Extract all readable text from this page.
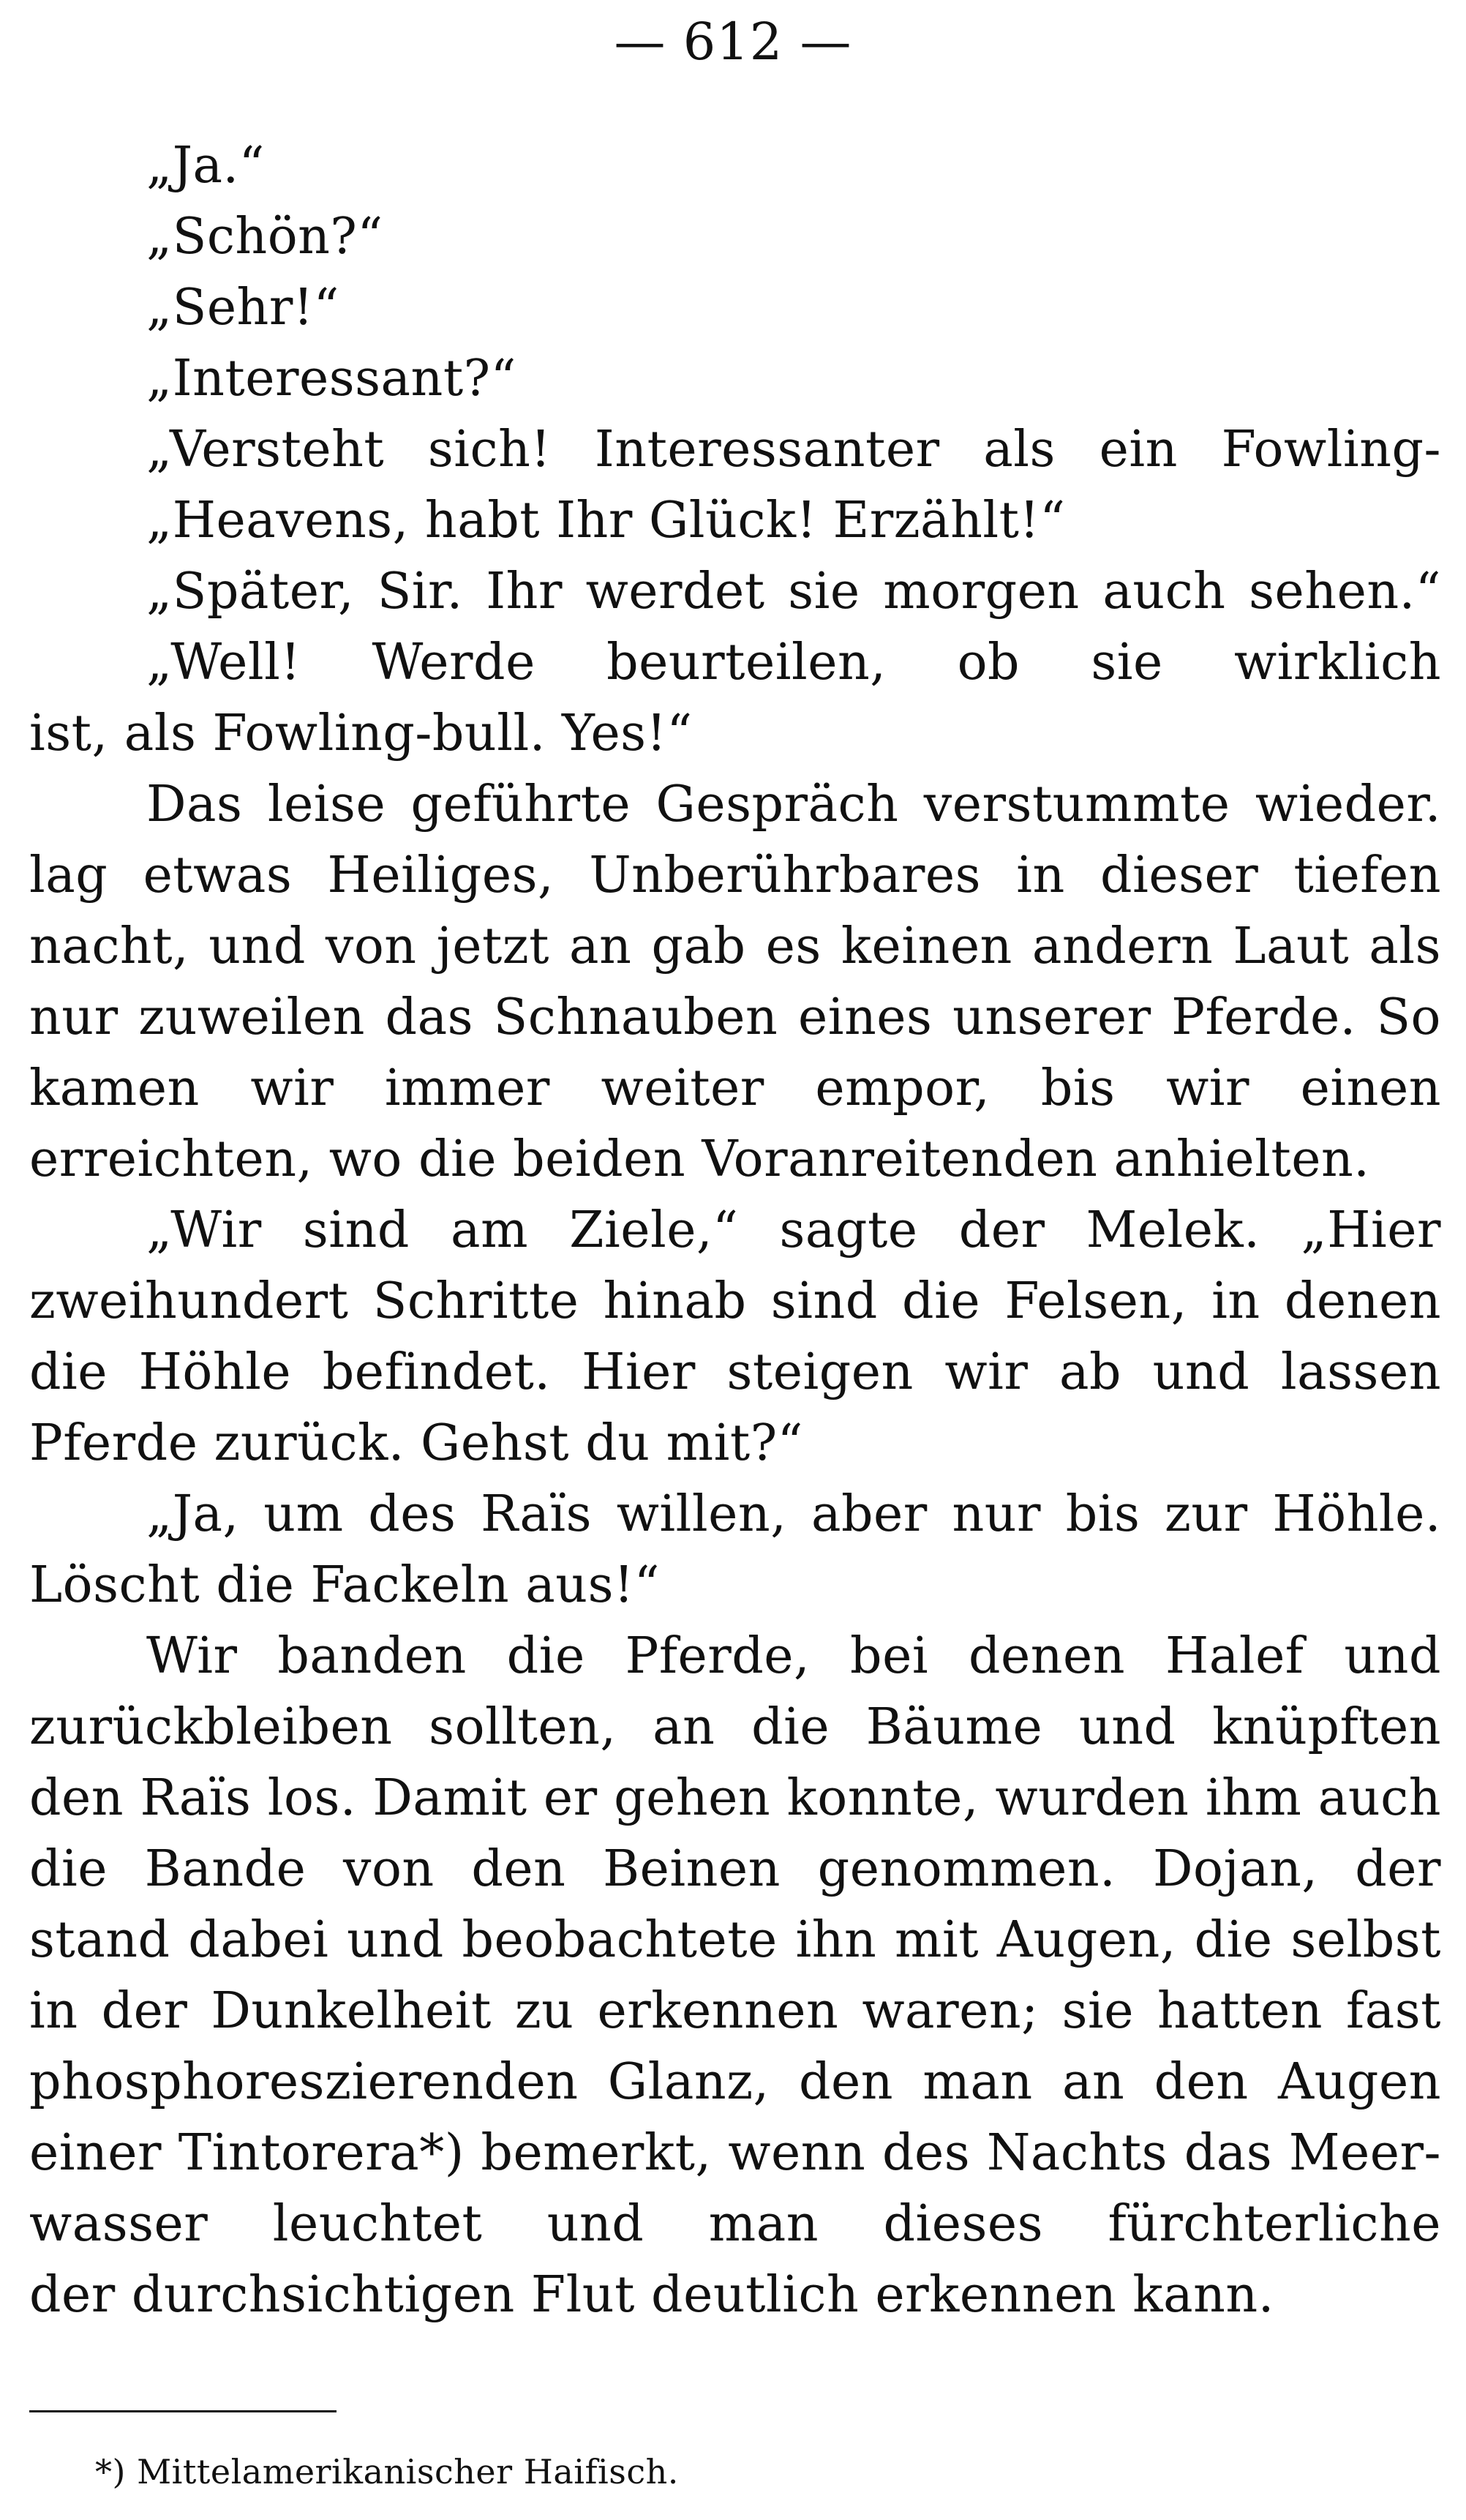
— 612 —
„Ja.“
„Schön?“
„Sehr!“
„Interessant?“
„Versteht sich! Interessanter als ein Fowling-
„Heavens, habt Ihr Glück! Erzählt!“
„Später, Sir. Ihr werdet sie morgen auch sehen.“
„Well! Werde beurteilen, ob sie wirklich
ist, als Fowling-bull. Yes!“
Das leise geführte Gespräch verstummte wieder.
lag etwas Heiliges, Unberührbares in dieser tiefen
nacht, und von jetzt an gab es keinen andern Laut als
nur zuweilen das Schnauben eines unserer Pferde. So
kamen wir immer weiter empor, bis wir einen
erreichten, wo die beiden Voranreitenden anhielten.
„Wir sind am Ziele,“ sagte der Melek. „Hier
zweihundert Schritte hinab sind die Felsen, in denen
die Höhle befindet. Hier steigen wir ab und lassen
Pferde zurück. Gehst du mit?“
„Ja, um des Raïs willen, aber nur bis zur Höhle.
Löscht die Fackeln aus!“
Wir banden die Pferde, bei denen Halef und
zurückbleiben sollten, an die Bäume und knüpften
den Raïs los. Damit er gehen konnte, wurden ihm auch
die Bande von den Beinen genommen. Dojan, der
stand dabei und beobachtete ihn mit Augen, die selbst
in der Dunkelheit zu erkennen waren; sie hatten fast
phosphoreszierenden Glanz, den man an den Augen
einer Tintorera*) bemerkt, wenn des Nachts das Meer-
wasser leuchtet und man dieses fürchterliche
der durchsichtigen Flut deutlich erkennen kann.
*) Mittelamerikanischer Haifisch.
